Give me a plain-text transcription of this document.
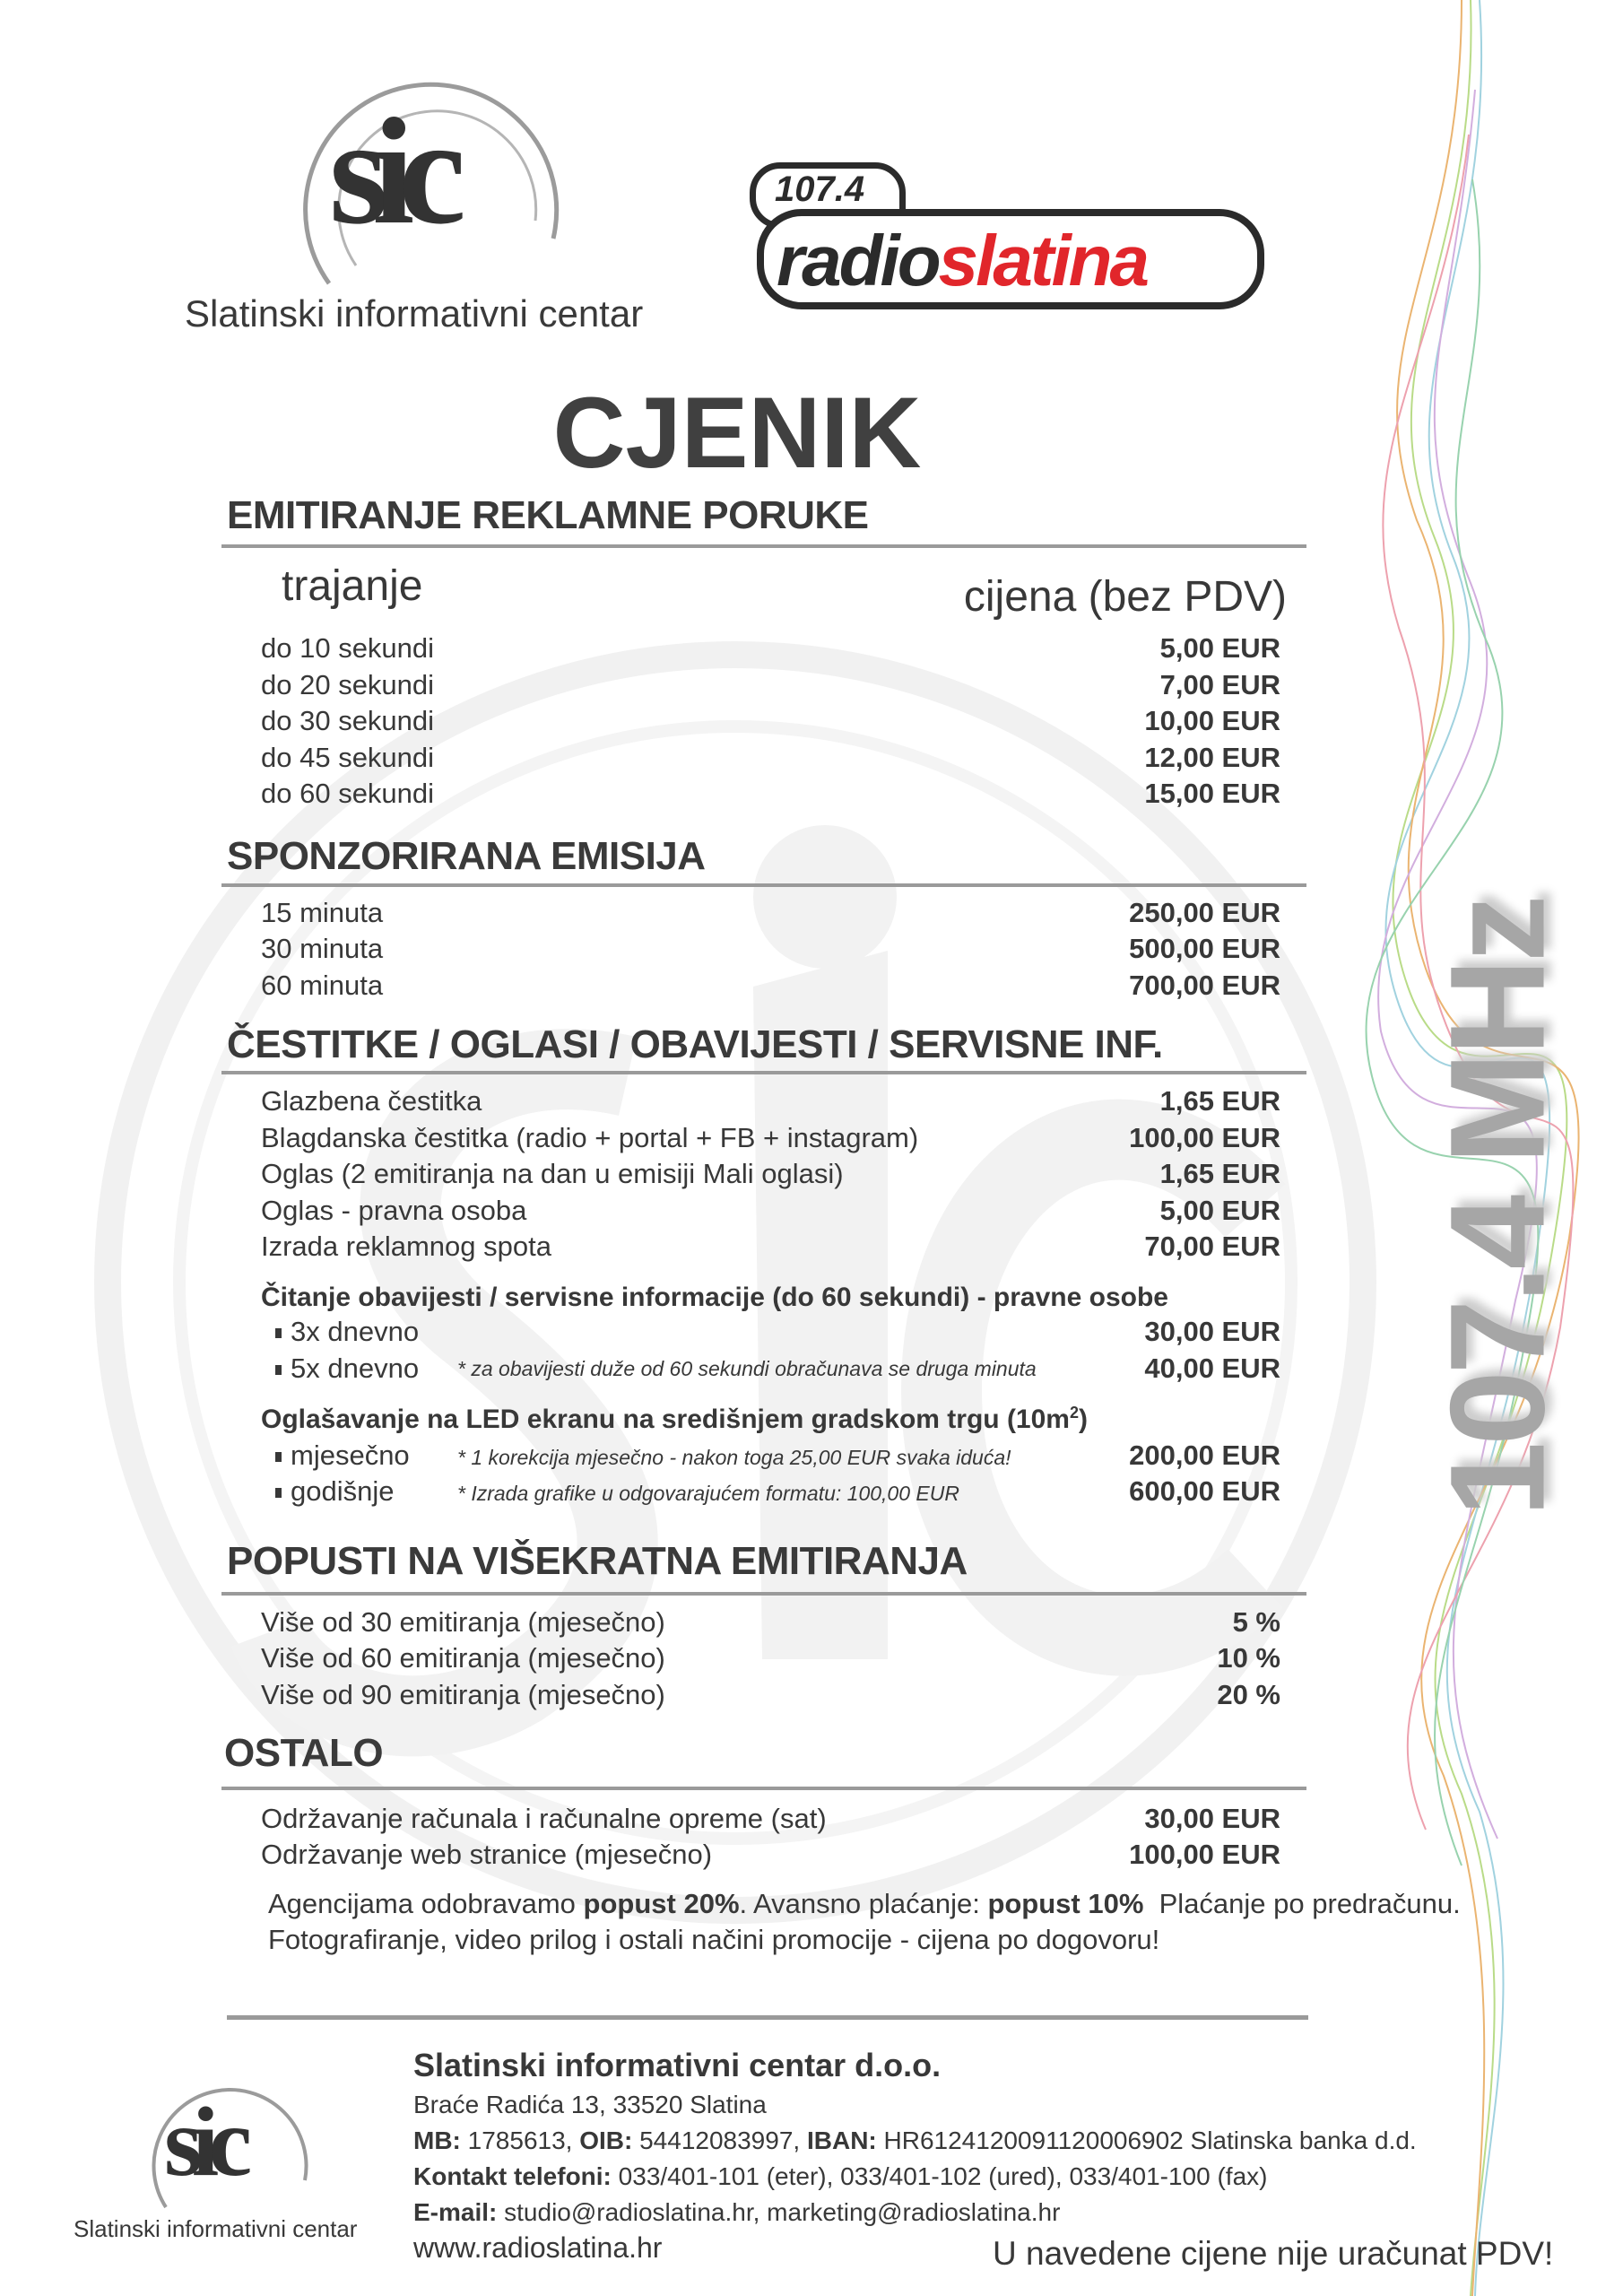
107.4 MHz
sic
Slatinski informativni centar
107.4
radioslatina
CJENIK
EMITIRANJE REKLAMNE PORUKE
trajanje	cijena (bez PDV)
do 10 sekundi	5,00 EUR
do 20 sekundi	7,00 EUR
do 30 sekundi	10,00 EUR
do 45 sekundi	12,00 EUR
do 60 sekundi	15,00 EUR
SPONZORIRANA EMISIJA
15 minuta	250,00 EUR
30 minuta	500,00 EUR
60 minuta	700,00 EUR
ČESTITKE / OGLASI / OBAVIJESTI / SERVISNE INF.
Glazbena čestitka	1,65 EUR
Blagdanska čestitka (radio + portal + FB + instagram)	100,00 EUR
Oglas (2 emitiranja na dan u emisiji Mali oglasi)	1,65 EUR
Oglas - pravna osoba	5,00 EUR
Izrada reklamnog spota	70,00 EUR
Čitanje obavijesti / servisne informacije (do 60 sekundi) - pravne osobe
3x dnevno	30,00 EUR
5x dnevno * za obavijesti duže od 60 sekundi obračunava se druga minuta	40,00 EUR
Oglašavanje na LED ekranu na središnjem gradskom trgu $(10m^2)$
mjesečno * 1 korekcija mjesečno - nakon toga 25,00 EUR svaka iduća!	200,00 EUR
godišnje	* Izrada grafike u odgovarajućem formatu: 100,00 EUR	600,00 EUR
POPUSTI NA VIŠEKRATNA EMITIRANJA
Više od 30 emitiranja (mjesečno)	5 %
Više od 60 emitiranja (mjesečno)	10 %
Više od 90 emitiranja (mjesečno)	20 %
OSTALO
Održavanje računala i računalne opreme (sat)	30,00 EUR
Održavanje web stranice (mjesečno)	100,00 EUR
Agencijama odobravamo popust 20%. Avansno plaćanje: popust 10%  Plaćanje po predračunu.
Fotografiranje, video prilog i ostali načini promocije - cijena po dogovoru!
sic
Slatinski informativni centar
Slatinski informativni centar d.o.o.
Braće Radića 13, 33520 Slatina
MB: 1785613, OIB: 54412083997, IBAN: HR6124120091120006902 Slatinska banka d.d.
Kontakt telefoni: 033/401-101 (eter), 033/401-102 (ured), 033/401-100 (fax)
E-mail: studio@radioslatina.hr, marketing@radioslatina.hr
www.radioslatina.hr	U navedene cijene nije uračunat PDV!
